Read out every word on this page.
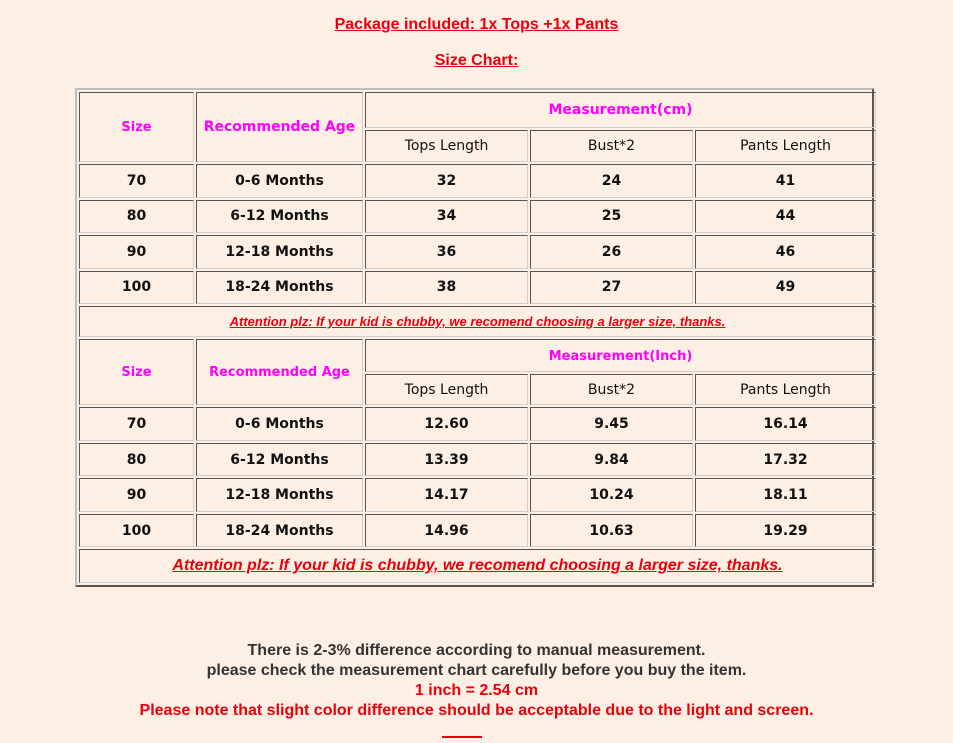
Package included: 1x Tops +1x Pants
Size Chart:
Size	Recommended Age	Measurement(cm)		
		Tops Length	Bust*2	Pants Length
70	0-6 Months	32	24	41
80	6-12 Months	34	25	44
90	12-18 Months	36	26	46
100	18-24 Months	38	27	49
Attention plz: If your kid is chubby, we recomend choosing a larger size, thanks.				
Size	Recommended Age	Measurement(Inch)		
		Tops Length	Bust*2	Pants Length
70	0-6 Months	12.60	9.45	16.14
80	6-12 Months	13.39	9.84	17.32
90	12-18 Months	14.17	10.24	18.11
100	18-24 Months	14.96	10.63	19.29
Attention plz: If your kid is chubby, we recomend choosing a larger size, thanks.				
There is 2-3% difference according to manual measurement.
please check the measurement chart carefully before you buy the item.
1 inch = 2.54 cm
Please note that slight color difference should be acceptable due to the light and screen.
